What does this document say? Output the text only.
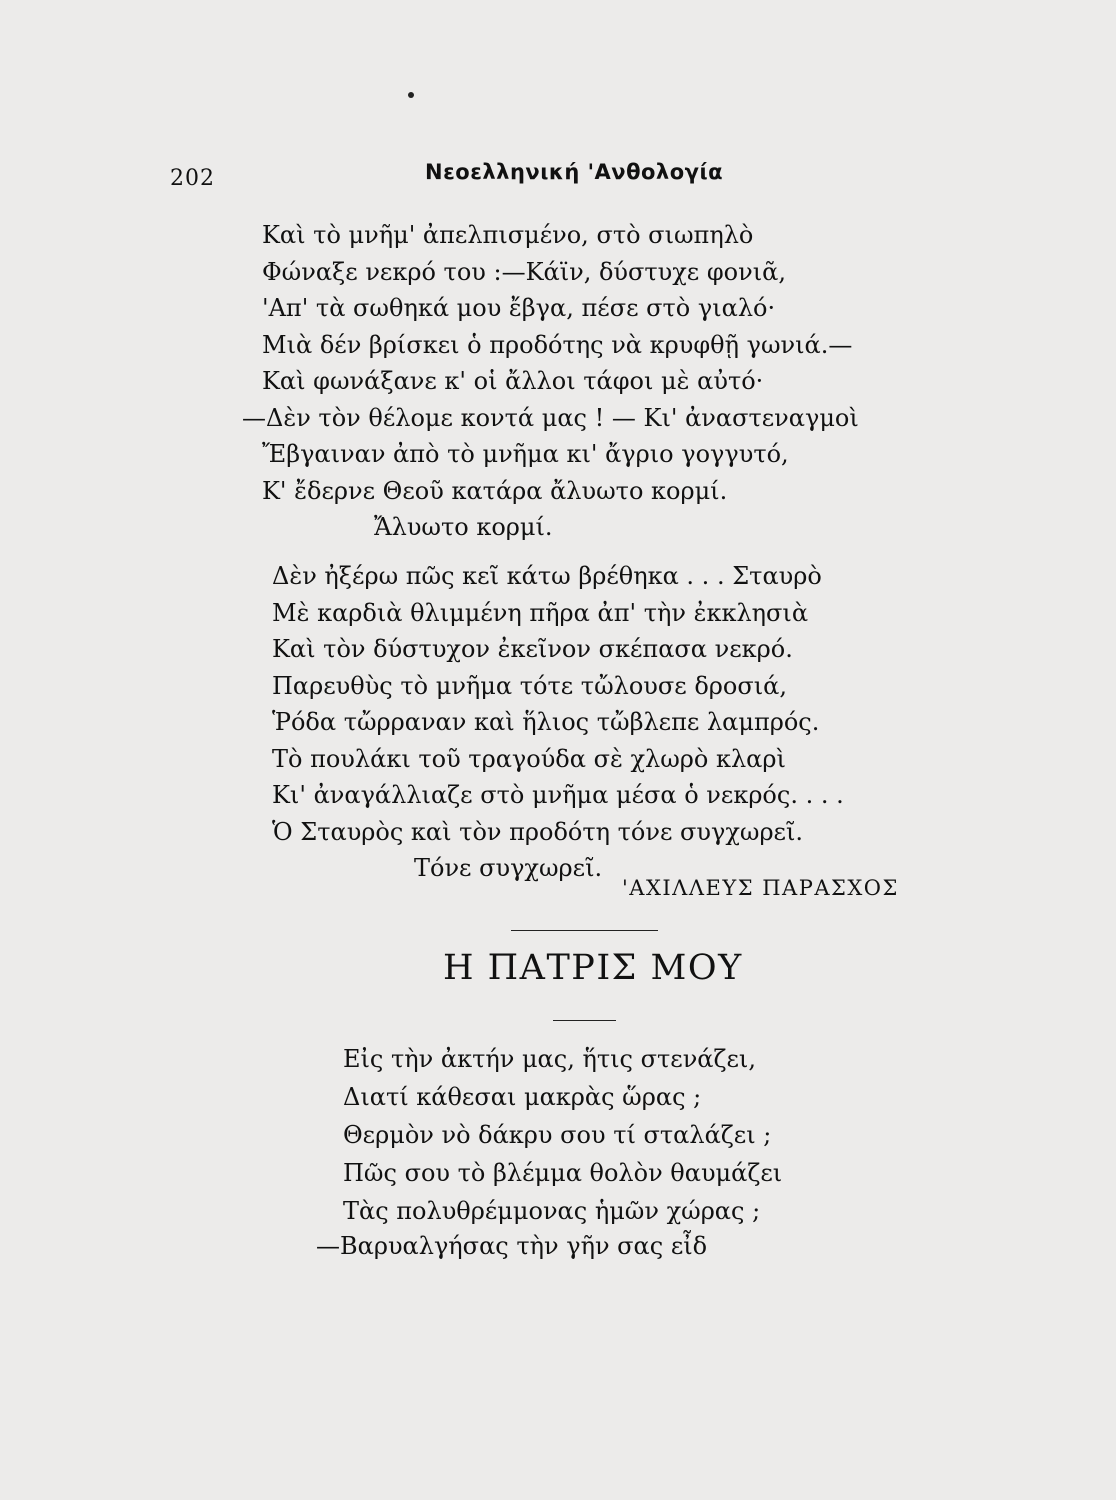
202	Νεοελληνική 'Ανθολογία
Καὶ τὸ μνῆμ' ἀπελπισμένο, στὸ σιωπηλὸ
Φώναξε νεκρό του :—Κάϊν, δύστυχε φονιᾶ,
'Απ' τὰ σωθηκά μου ἔβγα, πέσε στὸ γιαλό·
Μιὰ δέν βρίσκει ὁ προδότης νὰ κρυφθῇ γωνιά.—
Καὶ φωνάξανε κ' οἱ ἄλλοι τάφοι μὲ αὐτό·
—Δὲν τὸν θέλομε κοντά μας ! — Κι' ἀναστεναγμοὶ
Ἔβγαιναν ἀπὸ τὸ μνῆμα κι' ἄγριο γογγυτό,
Κ' ἔδερνε Θεοῦ κατάρα ἄλυωτο κορμί.
Ἄλυωτο κορμί.
Δὲν ἠξέρω πῶς κεῖ κάτω βρέθηκα . . . Σταυρὸ
Μὲ καρδιὰ θλιμμένη πῆρα ἀπ' τὴν ἐκκλησιὰ
Καὶ τὸν δύστυχον ἐκεῖνον σκέπασα νεκρό.
Παρευθὺς τὸ μνῆμα τότε τὤλουσε δροσιά,
Ῥόδα τὤρραναν καὶ ἥλιος τὤβλεπε λαμπρός.
Τὸ πουλάκι τοῦ τραγούδα σὲ χλωρὸ κλαρὶ
Κι' ἀναγάλλιαζε στὸ μνῆμα μέσα ὁ νεκρός. . . .
Ὁ Σταυρὸς καὶ τὸν προδότη τόνε συγχωρεῖ.
Τόνε συγχωρεῖ.
'ΑΧΙΛΛΕΥΣ ΠΑΡΑΣΧΟΣ
Η ΠΑΤΡΙΣ ΜΟΥ
Εἰς τὴν ἀκτήν μας, ἥτις στενάζει,
Διατί κάθεσαι μακρὰς ὥρας ;
Θερμὸν νὸ δάκρυ σου τί σταλάζει ;
Πῶς σου τὸ βλέμμα θολὸν θαυμάζει
Τὰς πολυθρέμμονας ἡμῶν χώρας ;
—Βαρυαλγήσας τὴν γῆν σας εἶδ
